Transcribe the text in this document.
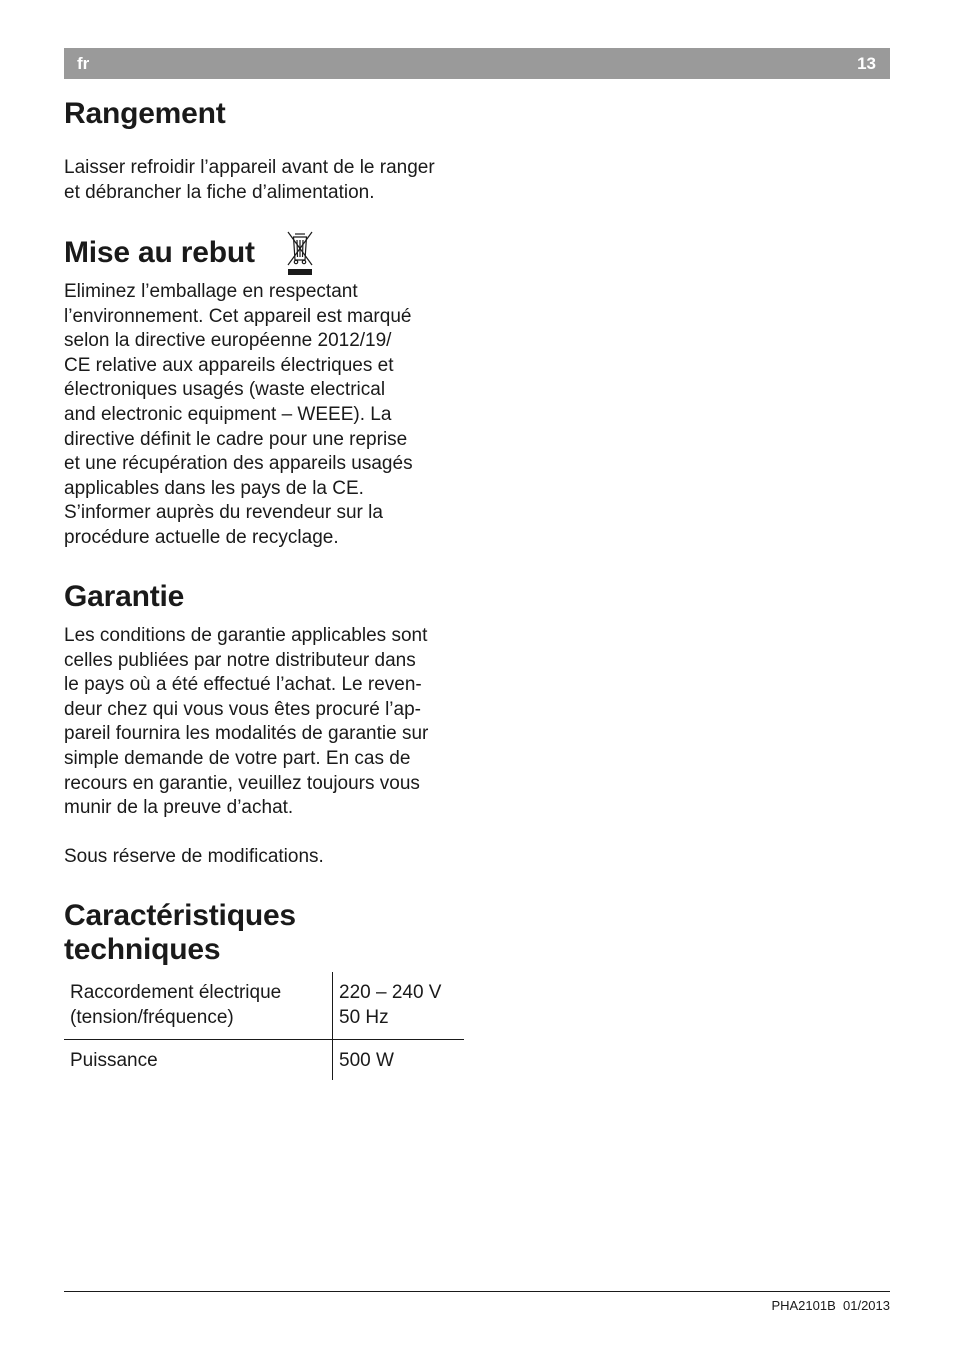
fr	13
Rangement

Laisser refroidir l’appareil avant de le ranger
et débrancher la fiche d’alimentation.

Mise au rebut

Eliminez l’emballage en respectant
l’environnement. Cet appareil est marqué
selon la directive européenne 2012/19/
CE relative aux appareils électriques et
électroniques usagés (waste electrical
and electronic equipment – WEEE). La
directive définit le cadre pour une reprise
et une récupération des appareils usagés
applicables dans les pays de la CE.
S’informer auprès du revendeur sur la
procédure actuelle de recyclage.

Garantie

Les conditions de garantie applicables sont
celles publiées par notre distributeur dans
le pays où a été effectué l’achat. Le reven-
deur chez qui vous vous êtes procuré l’ap-
pareil fournira les modalités de garantie sur
simple demande de votre part. En cas de
recours en garantie, veuillez toujours vous
munir de la preuve d’achat.

Sous réserve de modifications.

Caractéristiques
techniques
Raccordement électrique
(tension/fréquence)	220 – 240 V
50 Hz
Puissance	500 W
PHA2101B 01/2013
